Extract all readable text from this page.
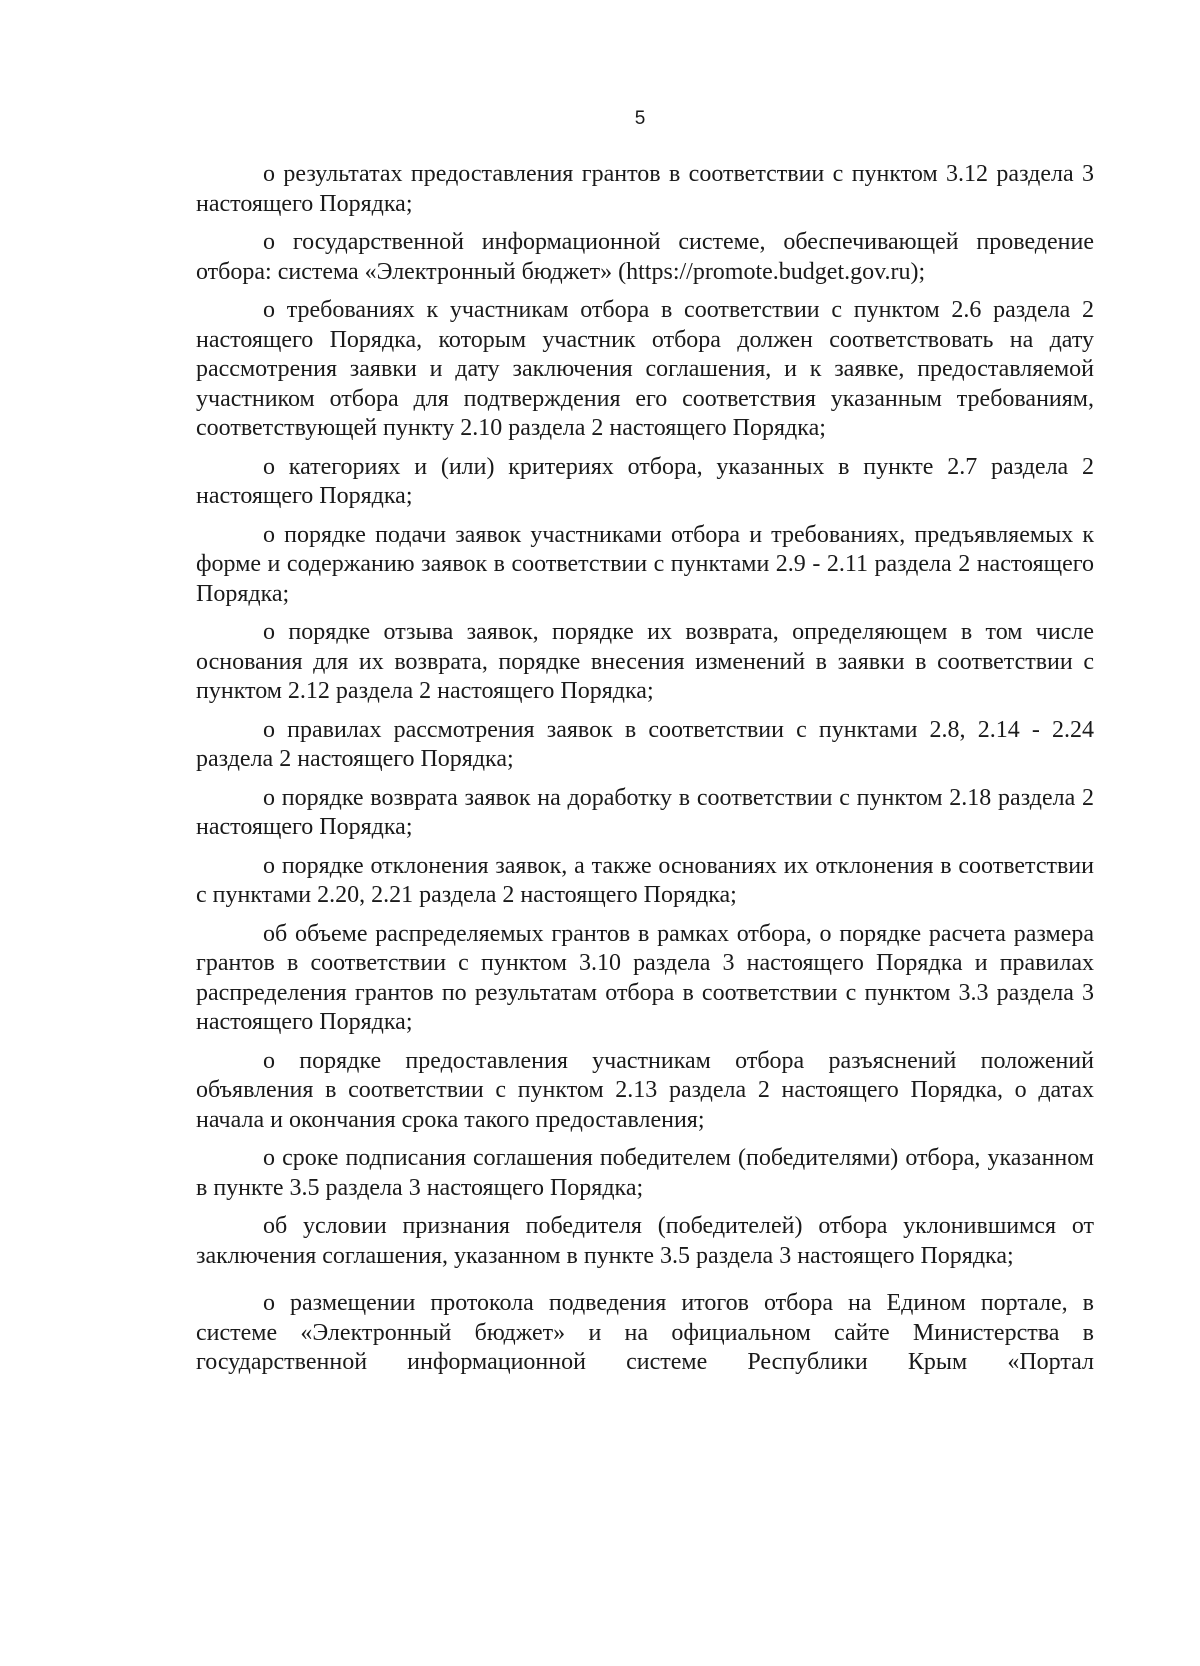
5

о результатах предоставления грантов в соответствии с пунктом 3.12 раздела 3 настоящего Порядка;

о государственной информационной системе, обеспечивающей проведение отбора: система «Электронный бюджет» (https://promote.budget.gov.ru);

о требованиях к участникам отбора в соответствии с пунктом 2.6 раздела 2 настоящего Порядка, которым участник отбора должен соответствовать на дату рассмотрения заявки и дату заключения соглашения, и к заявке, предоставляемой участником отбора для подтверждения его соответствия указанным требованиям, соответствующей пункту 2.10 раздела 2 настоящего Порядка;

о категориях и (или) критериях отбора, указанных в пункте 2.7 раздела 2 настоящего Порядка;

о порядке подачи заявок участниками отбора и требованиях, предъявляемых к форме и содержанию заявок в соответствии с пунктами 2.9 - 2.11 раздела 2 настоящего Порядка;

о порядке отзыва заявок, порядке их возврата, определяющем в том числе основания для их возврата, порядке внесения изменений в заявки в соответствии с пунктом 2.12 раздела 2 настоящего Порядка;

о правилах рассмотрения заявок в соответствии с пунктами 2.8, 2.14 - 2.24 раздела 2 настоящего Порядка;

о порядке возврата заявок на доработку в соответствии с пунктом 2.18 раздела 2 настоящего Порядка;

о порядке отклонения заявок, а также основаниях их отклонения в соответствии с пунктами 2.20, 2.21 раздела 2 настоящего Порядка;

об объеме распределяемых грантов в рамках отбора, о порядке расчета размера грантов в соответствии с пунктом 3.10 раздела 3 настоящего Порядка и правилах распределения грантов по результатам отбора в соответствии с пунктом 3.3 раздела 3 настоящего Порядка;

о порядке предоставления участникам отбора разъяснений положений объявления в соответствии с пунктом 2.13 раздела 2 настоящего Порядка, о датах начала и окончания срока такого предоставления;

о сроке подписания соглашения победителем (победителями) отбора, указанном в пункте 3.5 раздела 3 настоящего Порядка;

об условии признания победителя (победителей) отбора уклонившимся от заключения соглашения, указанном в пункте 3.5 раздела 3 настоящего Порядка;

о размещении протокола подведения итогов отбора на Едином портале, в системе «Электронный бюджет» и на официальном сайте Министерства в государственной информационной системе Республики Крым «Портал
